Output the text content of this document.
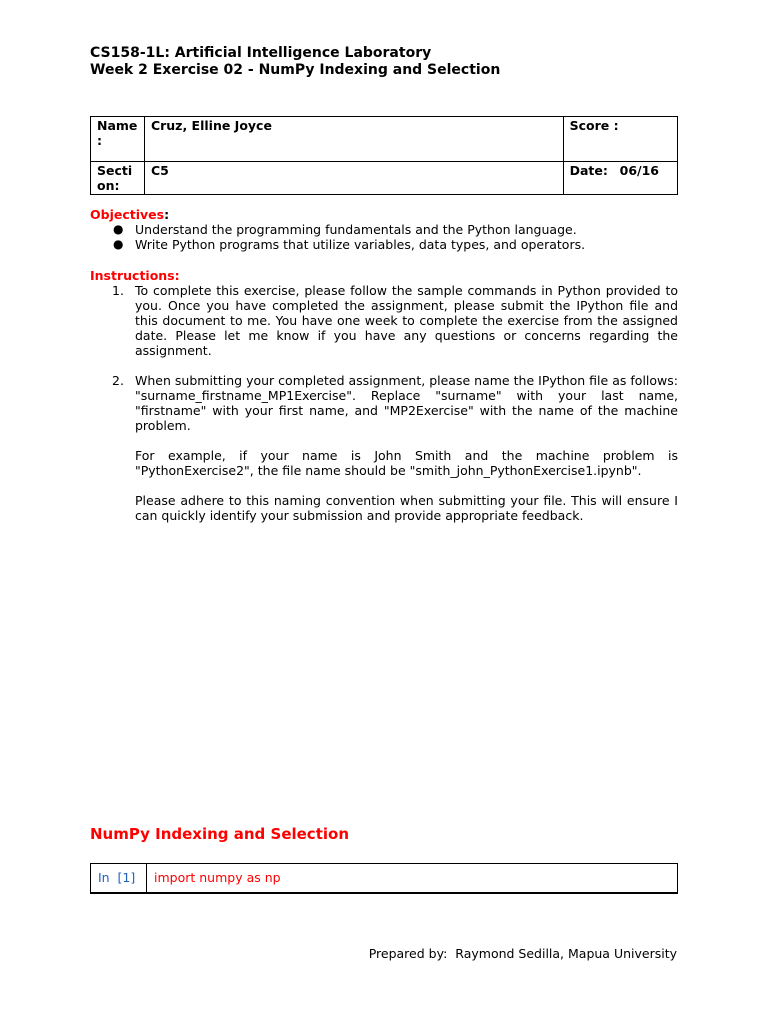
CS158-1L: Artificial Intelligence Laboratory
Week 2 Exercise 02 - NumPy Indexing and Selection
Name:	Cruz, Elline Joyce	Score :
Section:	C5	Date: 06/16
Objectives:
● Understand the programming fundamentals and the Python language.
● Write Python programs that utilize variables, data types, and operators.
Instructions:
1. To complete this exercise, please follow the sample commands in Python provided to you. Once you have completed the assignment, please submit the IPython file and this document to me. You have one week to complete the exercise from the assigned date. Please let me know if you have any questions or concerns regarding the assignment.

2. When submitting your completed assignment, please name the IPython file as follows: "surname_firstname_MP1Exercise". Replace "surname" with your last name, "firstname" with your first name, and "MP2Exercise" with the name of the machine problem.

For example, if your name is John Smith and the machine problem is "PythonExercise2", the file name should be "smith_john_PythonExercise1.ipynb".

Please adhere to this naming convention when submitting your file. This will ensure I can quickly identify your submission and provide appropriate feedback.

NumPy Indexing and Selection
In  [1]	import numpy as np
Prepared by: Raymond Sedilla, Mapua University
